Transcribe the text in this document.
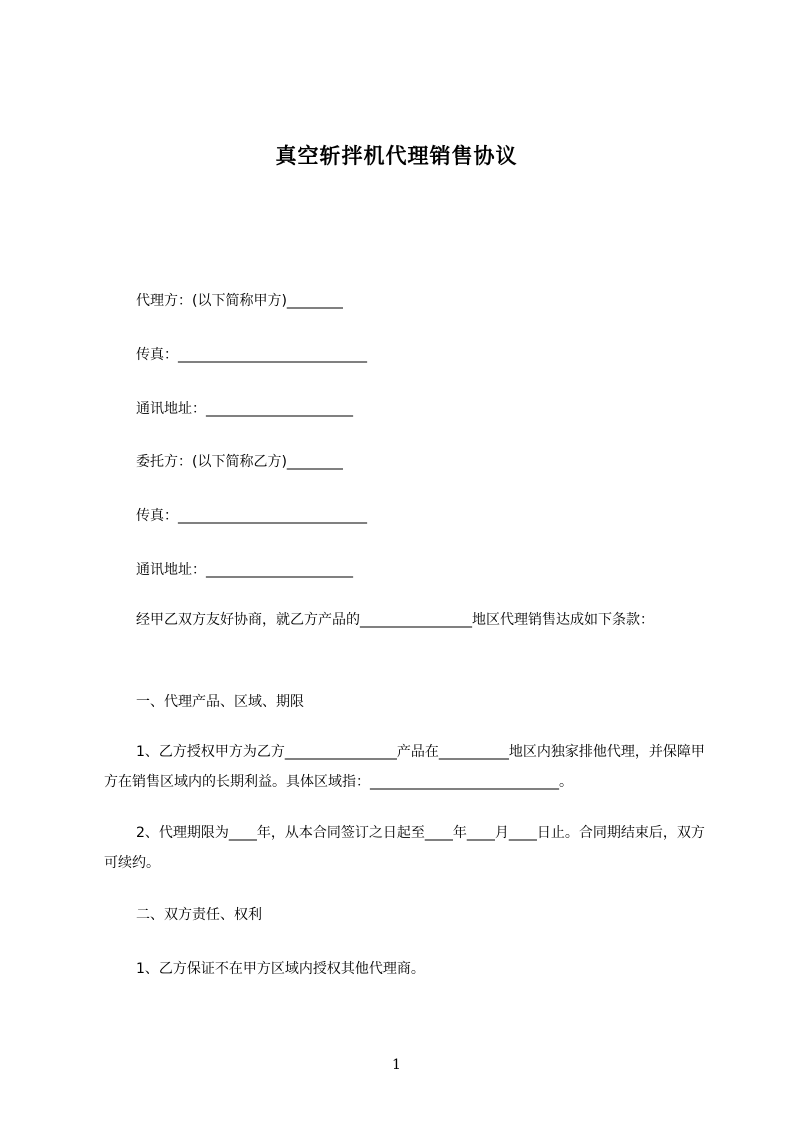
真空斩拌机代理销售协议
代理方：(以下简称甲方)________
传真：___________________________
通讯地址：_____________________
委托方：(以下简称乙方)________
传真：___________________________
通讯地址：_____________________
经甲乙双方友好协商，就乙方产品的________________地区代理销售达成如下条款：
一、代理产品、区域、期限
1、乙方授权甲方为乙方________________产品在__________地区内独家排他代理，并保障甲方在销售区域内的长期利益。具体区域指：___________________________。
2、代理期限为____年，从本合同签订之日起至____年____月____日止。合同期结束后，双方可续约。
二、双方责任、权利
1、乙方保证不在甲方区域内授权其他代理商。
1
